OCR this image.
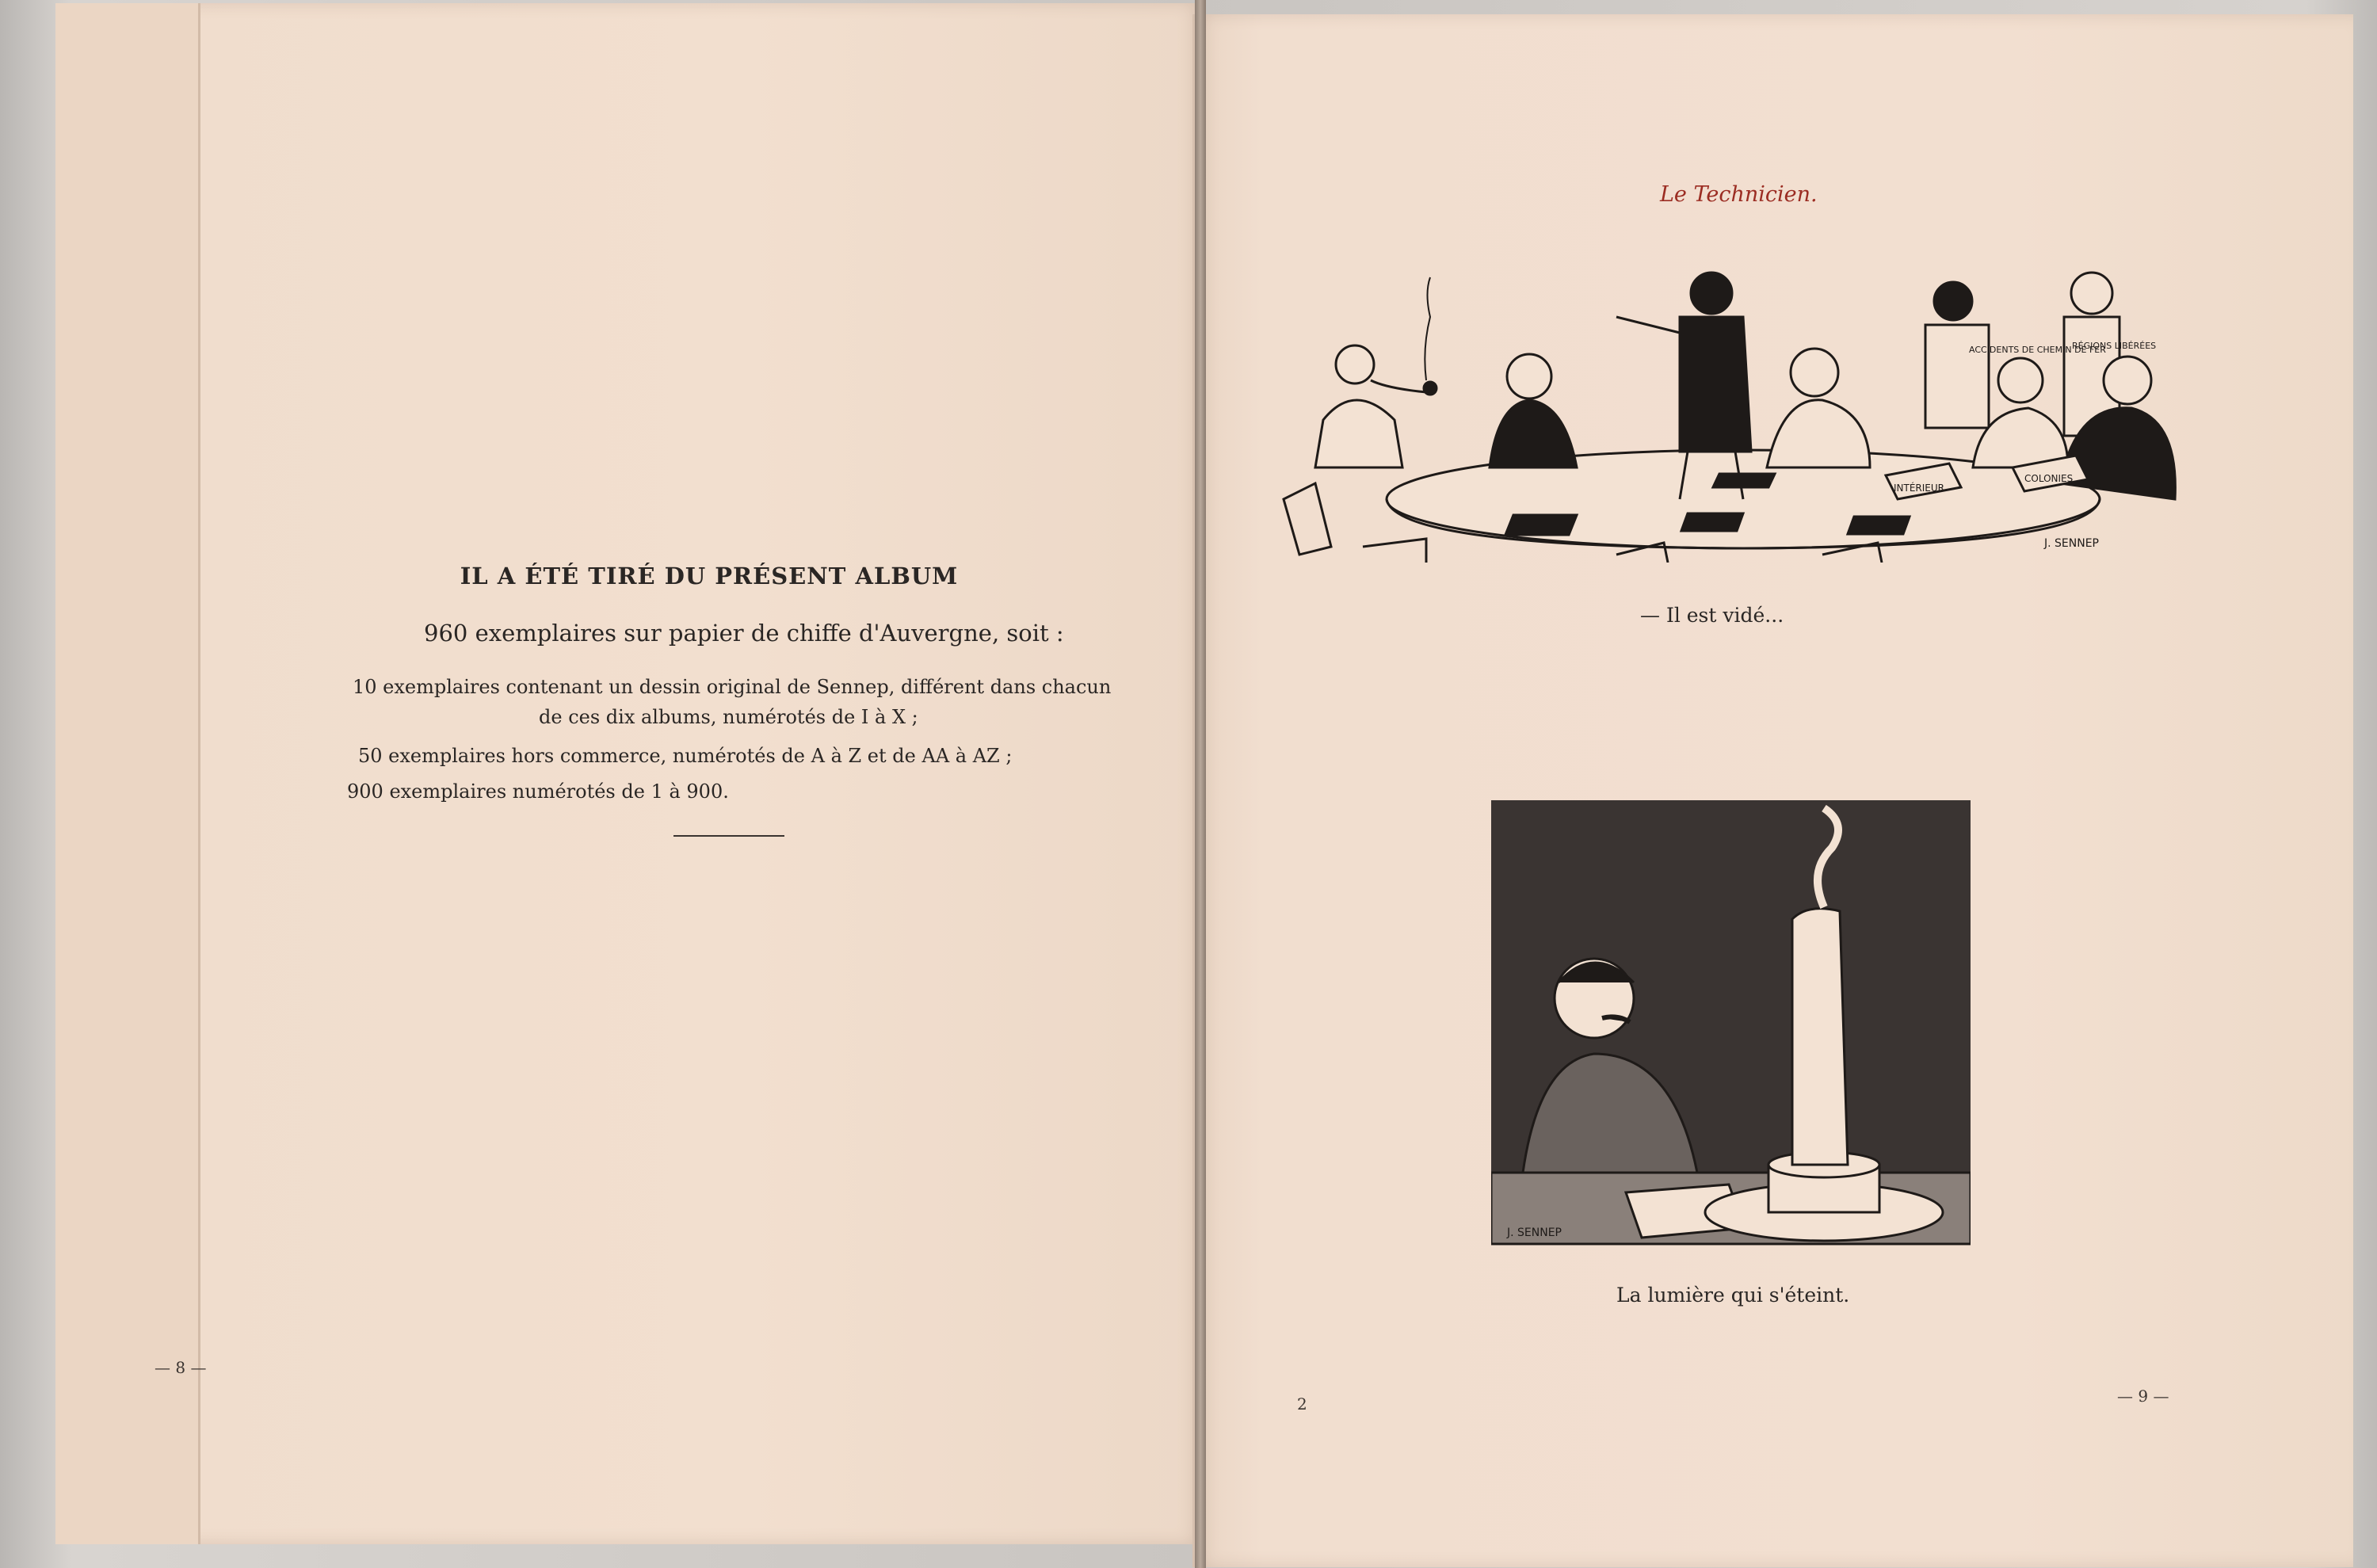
IL A ÉTÉ TIRÉ DU PRÉSENT ALBUM
960 exemplaires sur papier de chiffe d'Auvergne, soit :
10 exemplaires contenant un dessin original de Sennep, différent dans chacun
de ces dix albums, numérotés de I à X ;
50 exemplaires hors commerce, numérotés de A à Z et de AA à AZ ;
900 exemplaires numérotés de 1 à 900.
— 8 —
Le Technicien.
ACCIDENTS DE CHEMIN DE FER
RÉGIONS LIBÉRÉES
INTÉRIEUR
COLONIES
J. SENNEP
— Il est vidé...
J. SENNEP
La lumière qui s'éteint.
2	— 9 —
